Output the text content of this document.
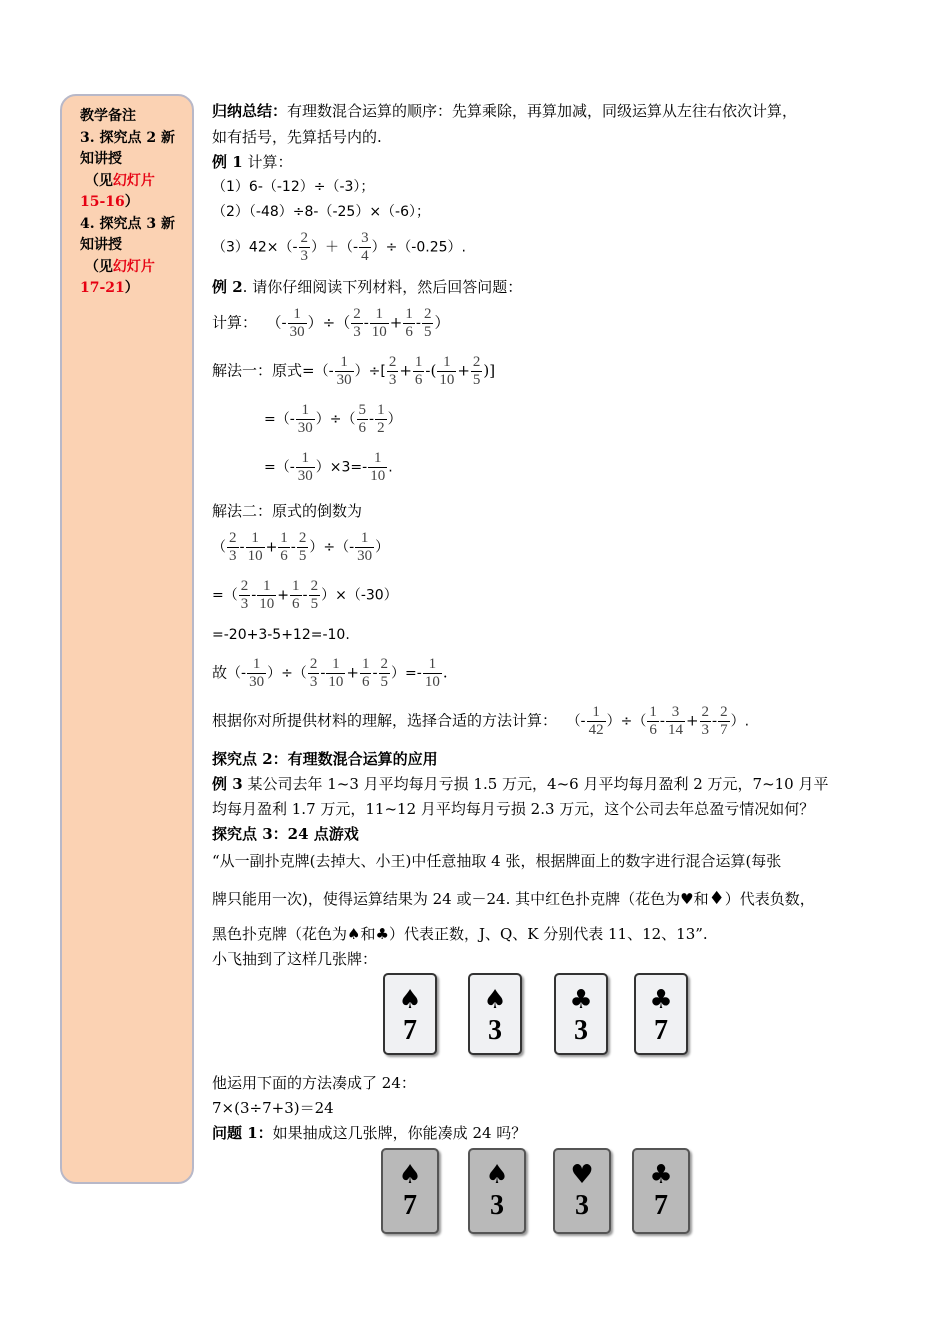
教学备注
3. 探究点 2 新
知讲授
（见幻灯片
15-16）
4. 探究点 3 新
知讲授
（见幻灯片
17-21）
归纳总结：有理数混合运算的顺序：先算乘除，再算加减，同级运算从左往右依次计算，
如有括号，先算括号内的.
例 1 计算：
（1）6-（-12）÷（-3）；
（2）（-48）÷8-（-25）×（-6）；
$(3)42\times(- \frac{2}{3}$ ）＋（- $\frac{3}{4} )\div(-0.25)$.
例 2. 请你仔细阅读下列材料，然后回答问题：
计算：  （- $\frac{1}{30}$ ）÷（ $\frac{2}{3} - \frac{1}{10} + \frac{1}{6} - \frac{2}{5}$ ）
解法一：原式=（- $\frac{1}{30}$ ）÷[ $\frac{2}{3} + \frac{1}{6}$ -( $\frac{1}{10} + \frac{2}{5}$ )]
=（- $\frac{1}{30}$ ）÷（ $\frac{5}{6} - \frac{1}{2}$ ）
=（- $\frac{1}{30} )\times 3=- \frac{1}{10}$ .
解法二：原式的倒数为
（ $\frac{2}{3} - \frac{1}{10} + \frac{1}{6} - \frac{2}{5}$ ）÷（- $\frac{1}{30}$ ）
=（ $\frac{2}{3} - \frac{1}{10} + \frac{1}{6} - \frac{2}{5} )\times(-30)$
=-20+3-5+12=-10.
故（- $\frac{1}{30}$ ）÷（ $\frac{2}{3} - \frac{1}{10} + \frac{1}{6} - \frac{2}{5}$ ）=- $\frac{1}{10}$ .
根据你对所提供材料的理解，选择合适的方法计算： （- $\frac{1}{42}$ ）÷（ $\frac{1}{6} - \frac{3}{14} + \frac{2}{3} - \frac{2}{7}$ ）.
探究点 2：有理数混合运算的应用
例 3 某公司去年 1~3 月平均每月亏损 1.5 万元，4~6 月平均每月盈利 2 万元，7~10 月平
均每月盈利 1.7 万元，11~12 月平均每月亏损 2.3 万元，这个公司去年总盈亏情况如何？
探究点 3：24 点游戏
“从一副扑克牌(去掉大、小王)中任意抽取 4 张，根据牌面上的数字进行混合运算(每张
牌只能用一次)，使得运算结果为 24 或－24. 其中红色扑克牌（花色为♥和♦）代表负数，
黑色扑克牌（花色为♠和♣）代表正数，J、Q、K 分别代表 11、12、13”.
小飞抽到了这样几张牌：
他运用下面的方法凑成了 24：
7×(3÷7+3)＝24
问题 1：如果抽成这几张牌，你能凑成 24 吗？
♠
7
♠
3
♣
3
♣
7
♠
7
♠
3
♥
3
♣
7
